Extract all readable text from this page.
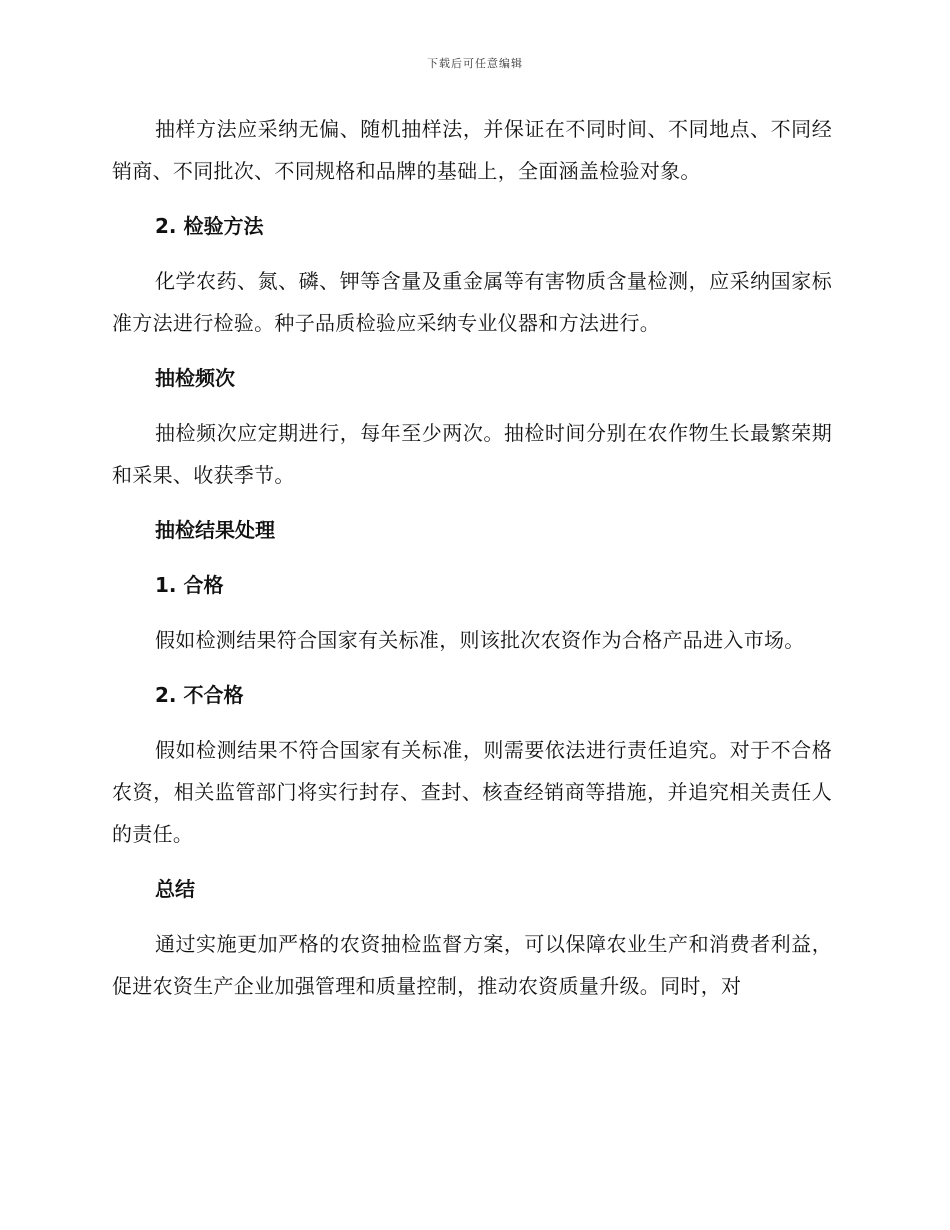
下载后可任意编辑

抽样方法应采纳无偏、随机抽样法，并保证在不同时间、不同地点、不同经销商、不同批次、不同规格和品牌的基础上，全面涵盖检验对象。

2. 检验方法

化学农药、氮、磷、钾等含量及重金属等有害物质含量检测，应采纳国家标准方法进行检验。种子品质检验应采纳专业仪器和方法进行。

抽检频次

抽检频次应定期进行，每年至少两次。抽检时间分别在农作物生长最繁荣期和采果、收获季节。

抽检结果处理
1. 合格

假如检测结果符合国家有关标准，则该批次农资作为合格产品进入市场。

2. 不合格

假如检测结果不符合国家有关标准，则需要依法进行责任追究。对于不合格农资，相关监管部门将实行封存、查封、核查经销商等措施，并追究相关责任人的责任。

总结

通过实施更加严格的农资抽检监督方案，可以保障农业生产和消费者利益，促进农资生产企业加强管理和质量控制，推动农资质量升级。同时，对
